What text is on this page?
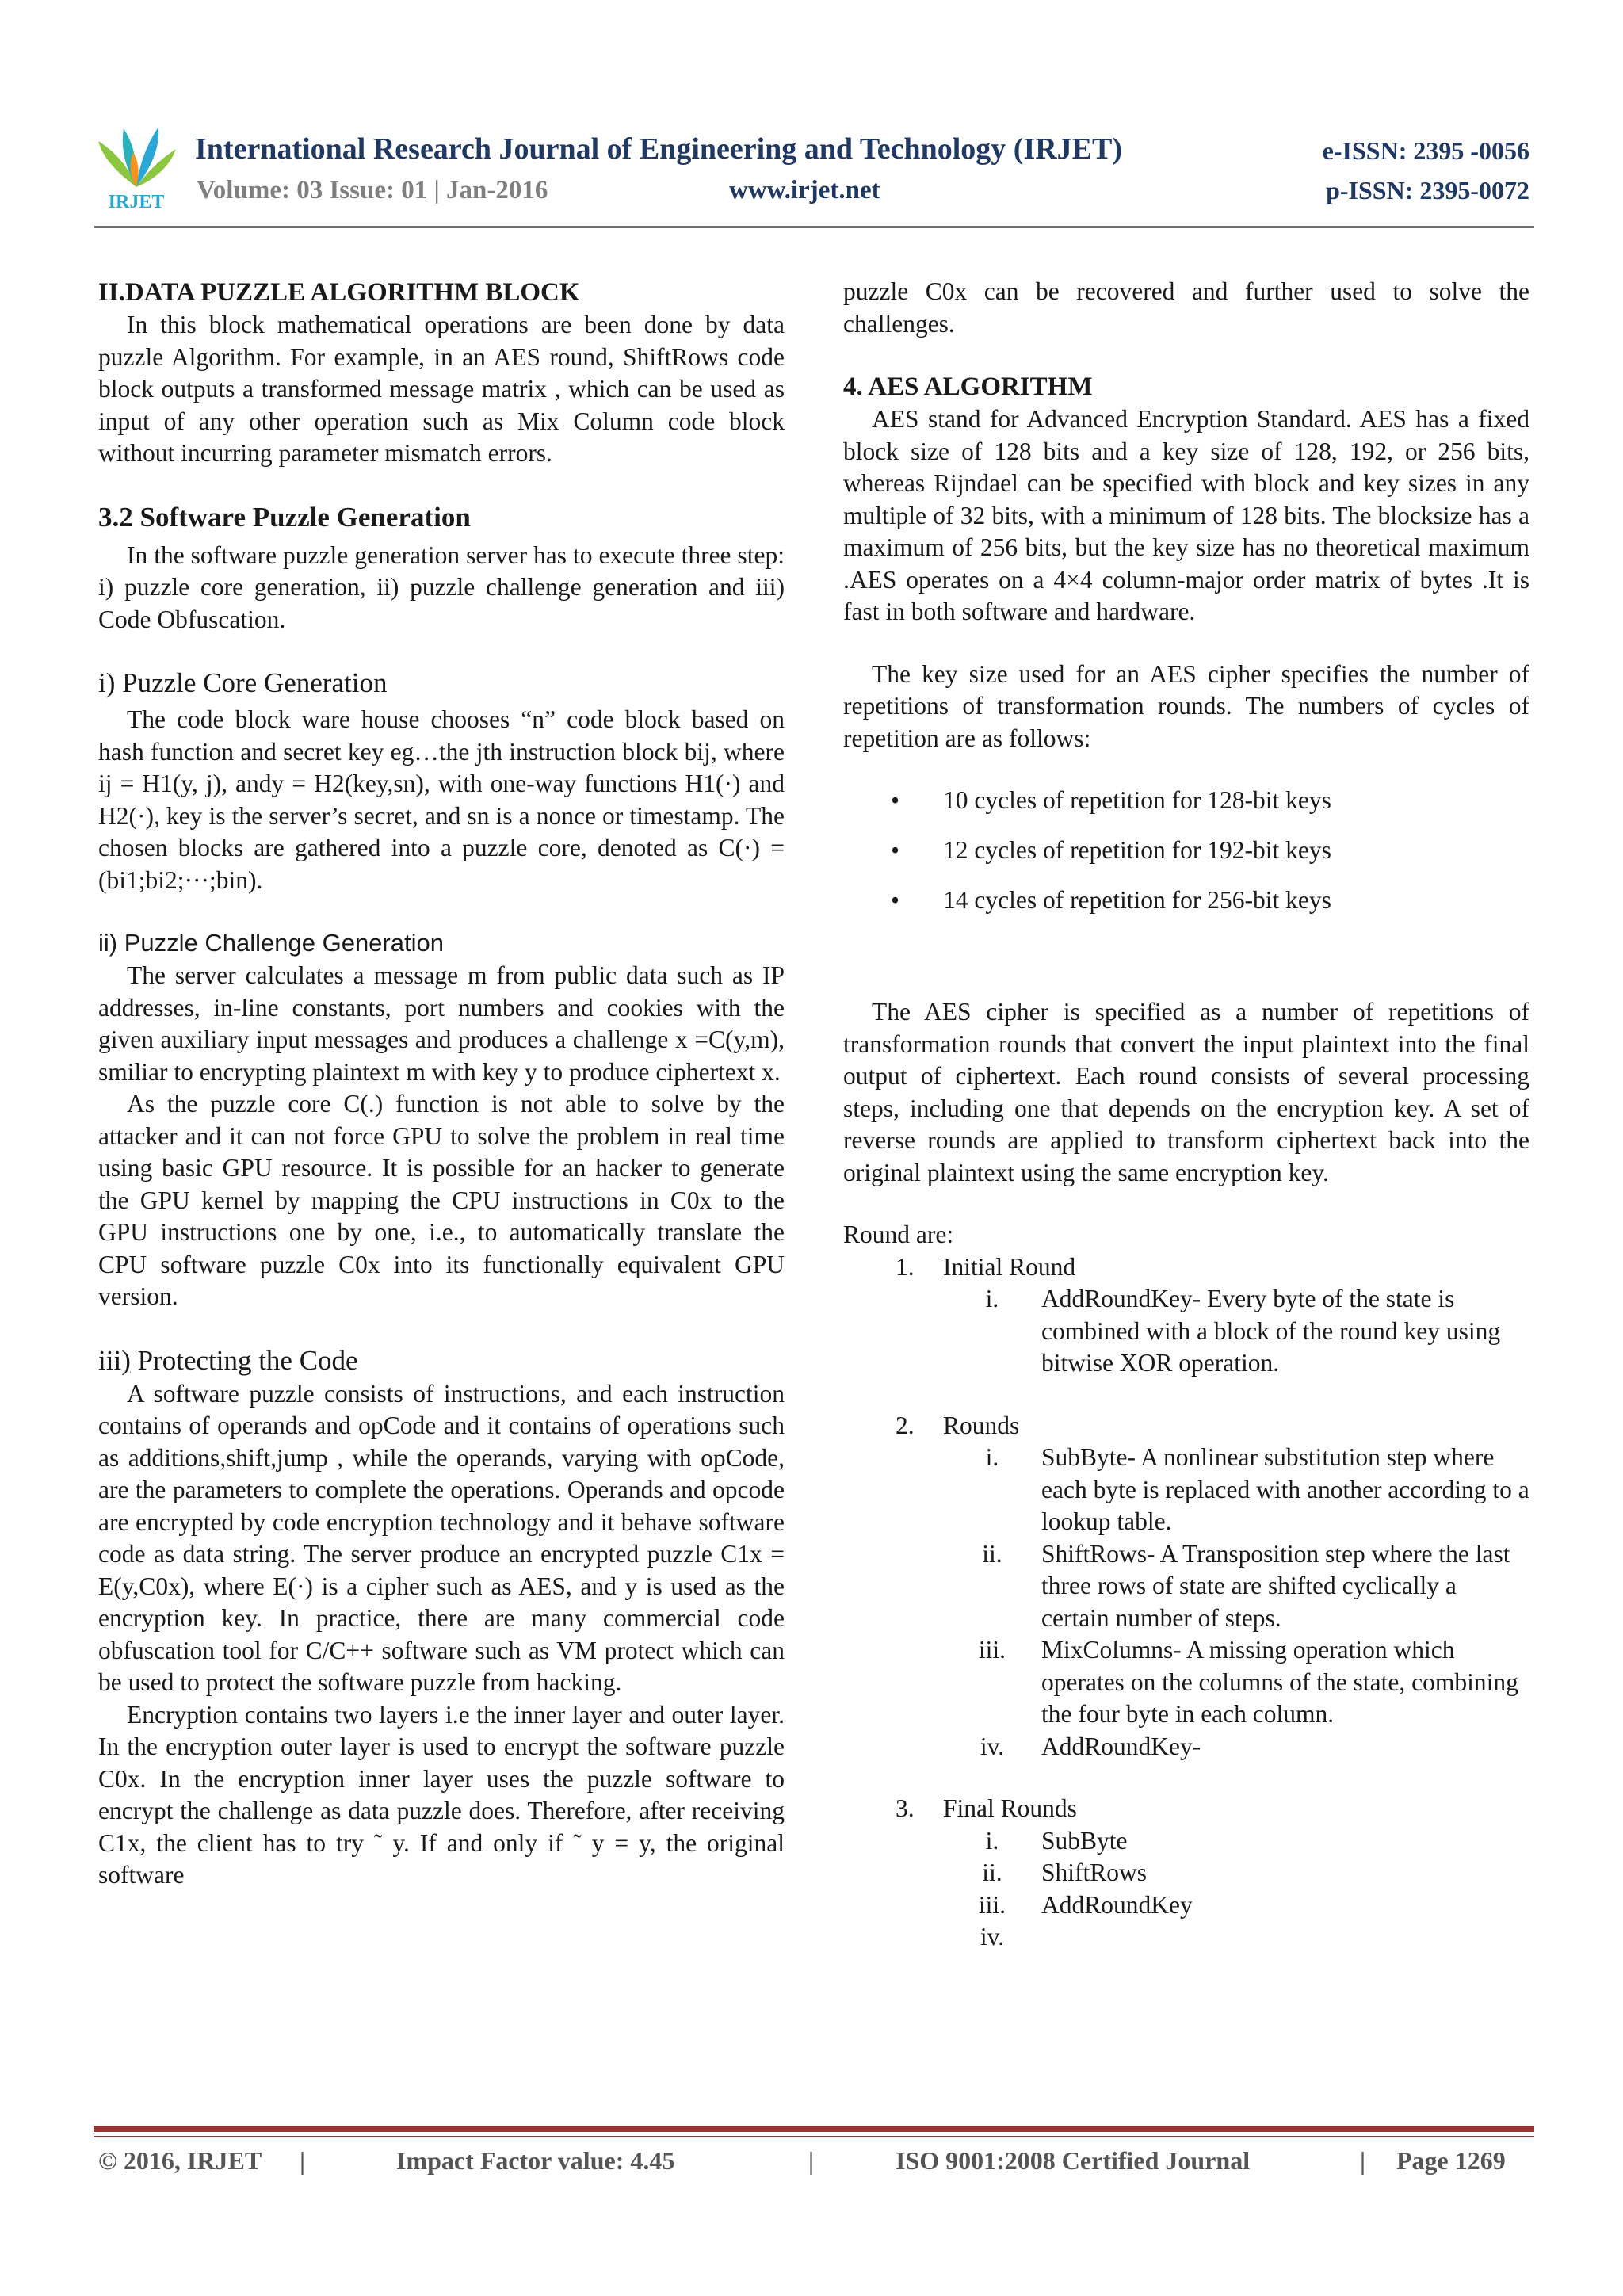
IRJET
International Research Journal of Engineering and Technology (IRJET)	e-ISSN: 2395 -0056
Volume: 03 Issue: 01 | Jan-2016	www.irjet.net	p-ISSN: 2395-0072
II.DATA PUZZLE ALGORITHM BLOCK

In this block mathematical operations are been done by data puzzle Algorithm. For example, in an AES round, ShiftRows code block outputs a transformed message matrix , which can be used as input of any other operation such as Mix Column code block without incurring parameter mismatch errors.

3.2 Software Puzzle Generation

In the software puzzle generation server has to execute three step: i) puzzle core generation, ii) puzzle challenge generation and iii) Code Obfuscation.

i) Puzzle Core Generation

The code block ware house chooses “n” code block based on hash function and secret key eg…the jth instruction block bij, where ij = H1(y, j), andy = H2(key,sn), with one-way functions H1(·) and H2(·), key is the server’s secret, and sn is a nonce or timestamp. The chosen blocks are gathered into a puzzle core, denoted as C(·) = (bi1;bi2;···;bin).

ii) Puzzle Challenge Generation

The server calculates a message m from public data such as IP addresses, in-line constants, port numbers and cookies with the given auxiliary input messages and produces a challenge x =C(y,m), smiliar to encrypting plaintext m with key y to produce ciphertext x.

As the puzzle core C(.) function is not able to solve by the attacker and it can not force GPU to solve the problem in real time using basic GPU resource. It is possible for an hacker to generate the GPU kernel by mapping the CPU instructions in C0x to the GPU instructions one by one, i.e., to automatically translate the CPU software puzzle C0x into its functionally equivalent GPU version.

iii) Protecting the Code

A software puzzle consists of instructions, and each instruction contains of operands and opCode and it contains of operations such as additions,shift,jump , while the operands, varying with opCode, are the parameters to complete the operations. Operands and opcode are encrypted by code encryption technology and it behave software code as data string. The server produce an encrypted puzzle C1x = E(y,C0x), where E(·) is a cipher such as AES, and y is used as the encryption key. In practice, there are many commercial code obfuscation tool for C/C++ software such as VM protect which can be used to protect the software puzzle from hacking.

Encryption contains two layers i.e the inner layer and outer layer. In the encryption outer layer is used to encrypt the software puzzle C0x. In the encryption inner layer uses the puzzle software to encrypt the challenge as data puzzle does. Therefore, after receiving C1x, the client has to try ˜ y. If and only if ˜ y = y, the original software

puzzle C0x can be recovered and further used to solve the challenges.

4. AES ALGORITHM

AES stand for Advanced Encryption Standard. AES has a fixed block size of 128 bits and a key size of 128, 192, or 256 bits, whereas Rijndael can be specified with block and key sizes in any multiple of 32 bits, with a minimum of 128 bits. The blocksize has a maximum of 256 bits, but the key size has no theoretical maximum .AES operates on a 4×4 column-major order matrix of bytes .It is fast in both software and hardware.

The key size used for an AES cipher specifies the number of repetitions of transformation rounds. The numbers of cycles of repetition are as follows:

• 10 cycles of repetition for 128-bit keys
• 12 cycles of repetition for 192-bit keys
• 14 cycles of repetition for 256-bit keys

The AES cipher is specified as a number of repetitions of transformation rounds that convert the input plaintext into the final output of ciphertext. Each round consists of several processing steps, including one that depends on the encryption key. A set of reverse rounds are applied to transform ciphertext back into the original plaintext using the same encryption key.

Round are:

1. Initial Round
i.	AddRoundKey- Every byte of the state is combined with a block of the round key using bitwise XOR operation.
2. Rounds
i.	SubByte- A nonlinear substitution step where each byte is replaced with another according to a lookup table.
ii.	ShiftRows- A Transposition step where the last three rows of state are shifted cyclically a certain number of steps.
iii.	MixColumns- A missing operation which operates on the columns of the state, combining the four byte in each column.
iv.	AddRoundKey-
3. Final Rounds
i.	SubByte
ii.	ShiftRows
iii.	AddRoundKey
iv.
© 2016, IRJET |	Impact Factor value: 4.45	|	ISO 9001:2008 Certified Journal	| Page 1269
